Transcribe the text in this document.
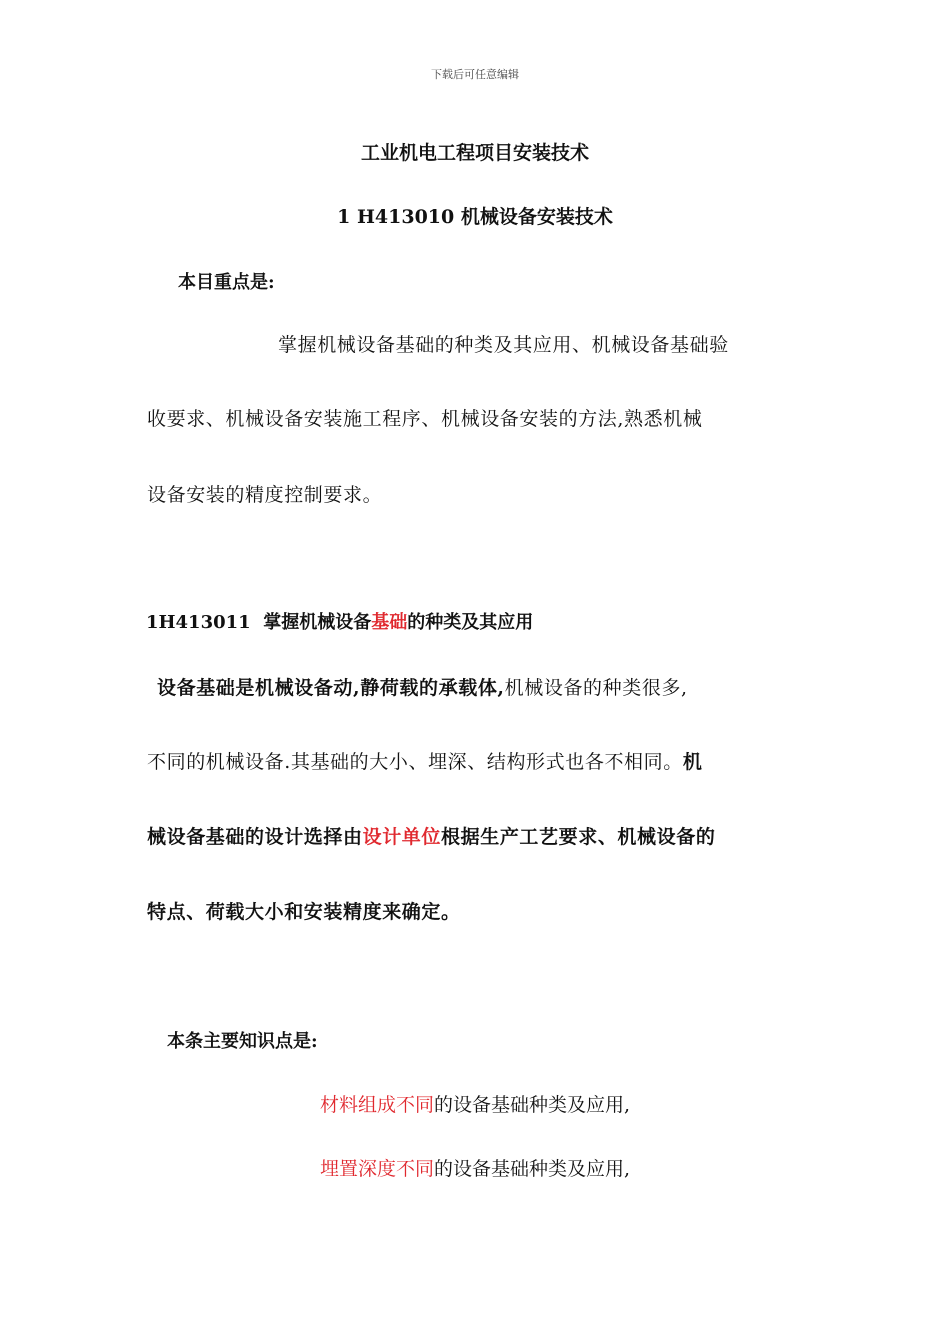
下载后可任意编辑
工业机电工程项目安装技术
1 H413010 机械设备安装技术
本目重点是:
掌握机械设备基础的种类及其应用、机械设备基础验
收要求、机械设备安装施工程序、机械设备安装的方法,熟悉机械
设备安装的精度控制要求。
1H413011 掌握机械设备基础的种类及其应用
设备基础是机械设备动,静荷载的承载体,机械设备的种类很多,
不同的机械设备.其基础的大小、埋深、结构形式也各不相同。机
械设备基础的设计选择由设计单位根据生产工艺要求、机械设备的
特点、荷载大小和安装精度来确定。
本条主要知识点是:
材料组成不同的设备基础种类及应用,
埋置深度不同的设备基础种类及应用,
